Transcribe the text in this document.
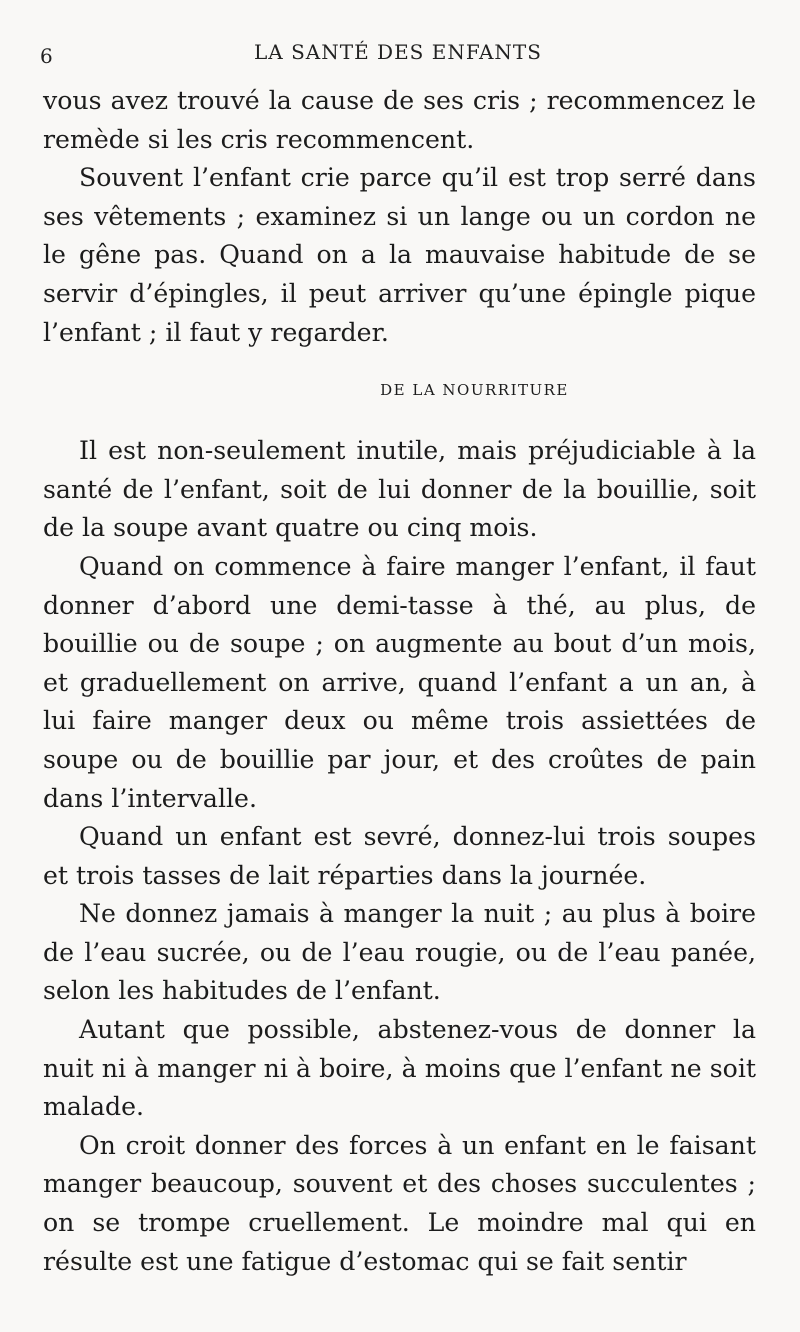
6	LA SANTÉ DES ENFANTS

vous avez trouvé la cause de ses cris ; recommencez le remède si les cris recommencent.

Souvent l’enfant crie parce qu’il est trop serré dans ses vêtements ; examinez si un lange ou un cordon ne le gêne pas. Quand on a la mauvaise habitude de se servir d’épingles, il peut arriver qu’une épingle pique l’enfant ; il faut y regarder.

DE LA NOURRITURE

Il est non-seulement inutile, mais préjudiciable à la santé de l’enfant, soit de lui donner de la bouillie, soit de la soupe avant quatre ou cinq mois.

Quand on commence à faire manger l’enfant, il faut donner d’abord une demi-tasse à thé, au plus, de bouillie ou de soupe ; on augmente au bout d’un mois, et graduellement on arrive, quand l’enfant a un an, à lui faire manger deux ou même trois assiettées de soupe ou de bouillie par jour, et des croûtes de pain dans l’intervalle.

Quand un enfant est sevré, donnez-lui trois soupes et trois tasses de lait réparties dans la journée.

Ne donnez jamais à manger la nuit ; au plus à boire de l’eau sucrée, ou de l’eau rougie, ou de l’eau panée, selon les habitudes de l’enfant.

Autant que possible, abstenez-vous de donner la nuit ni à manger ni à boire, à moins que l’enfant ne soit malade.

On croit donner des forces à un enfant en le faisant manger beaucoup, souvent et des choses succulentes ; on se trompe cruellement. Le moindre mal qui en résulte est une fatigue d’estomac qui se fait sentir
